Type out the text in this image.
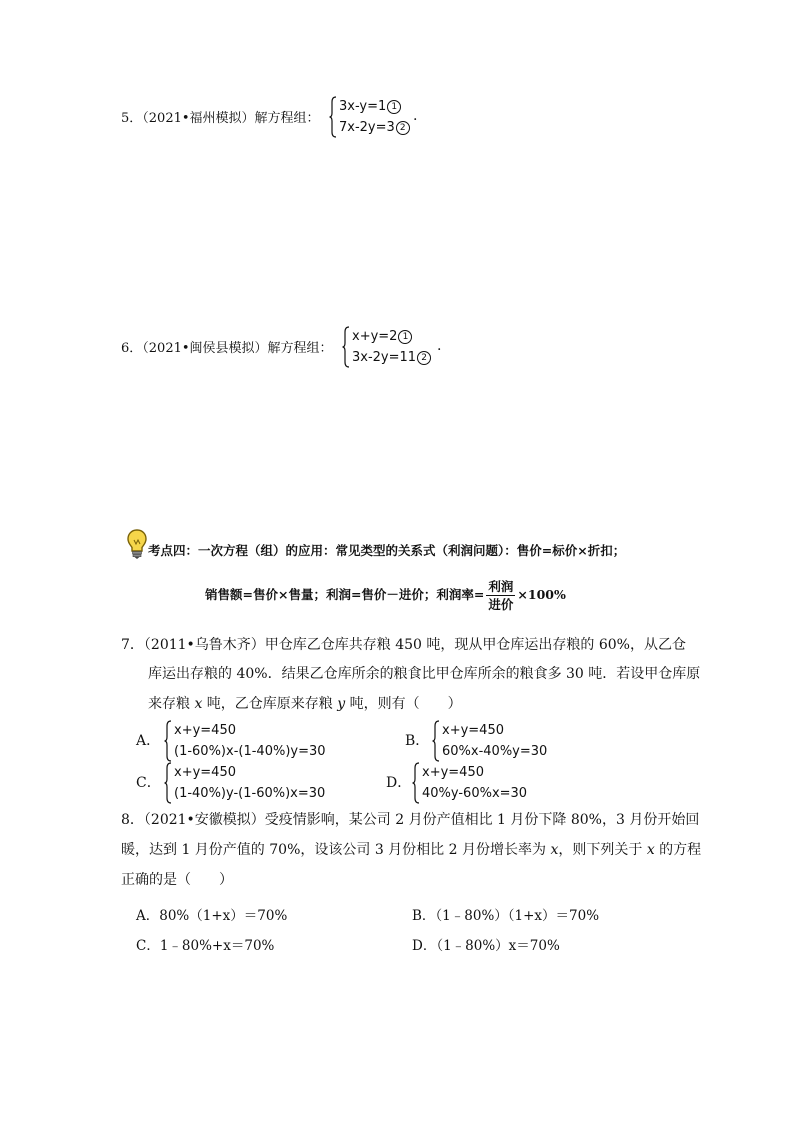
5．（2021•福州模拟）解方程组：
3x-y=1 1
7x-2y=3 2
.
6．（2021•闽侯县模拟）解方程组：
x+y=2 1
3x-2y=11 2
.
考点四：一次方程（组）的应用：常见类型的关系式（利润问题）：售价=标价×折扣；
销售额=售价×售量；利润=售价－进价；利润率= $\frac{\text{利润}}{\text{进价}} \times 100\%$
7．（2011•乌鲁木齐）甲仓库乙仓库共存粮 450 吨，现从甲仓库运出存粮的 60%，从乙仓
库运出存粮的 40%．结果乙仓库所余的粮食比甲仓库所余的粮食多 30 吨．若设甲仓库原
来存粮 x 吨，乙仓库原来存粮 y 吨，则有（　　）
A．
x+y=450
(1-60%)x-(1-40%)y=30
B．
x+y=450
60%x-40%y=30
C．
x+y=450
(1-40%)y-(1-60%)x=30
D．
x+y=450
40%y-60%x=30
8．（2021•安徽模拟）受疫情影响，某公司 2 月份产值相比 1 月份下降 80%，3 月份开始回
暖，达到 1 月份产值的 70%，设该公司 3 月份相比 2 月份增长率为 x，则下列关于 x 的方程
正确的是（　　）
A．80%（1+x）＝70%	B．（1﹣80%）（1+x）＝70%
C．1﹣80%+x＝70%	D．（1﹣80%）x＝70%
